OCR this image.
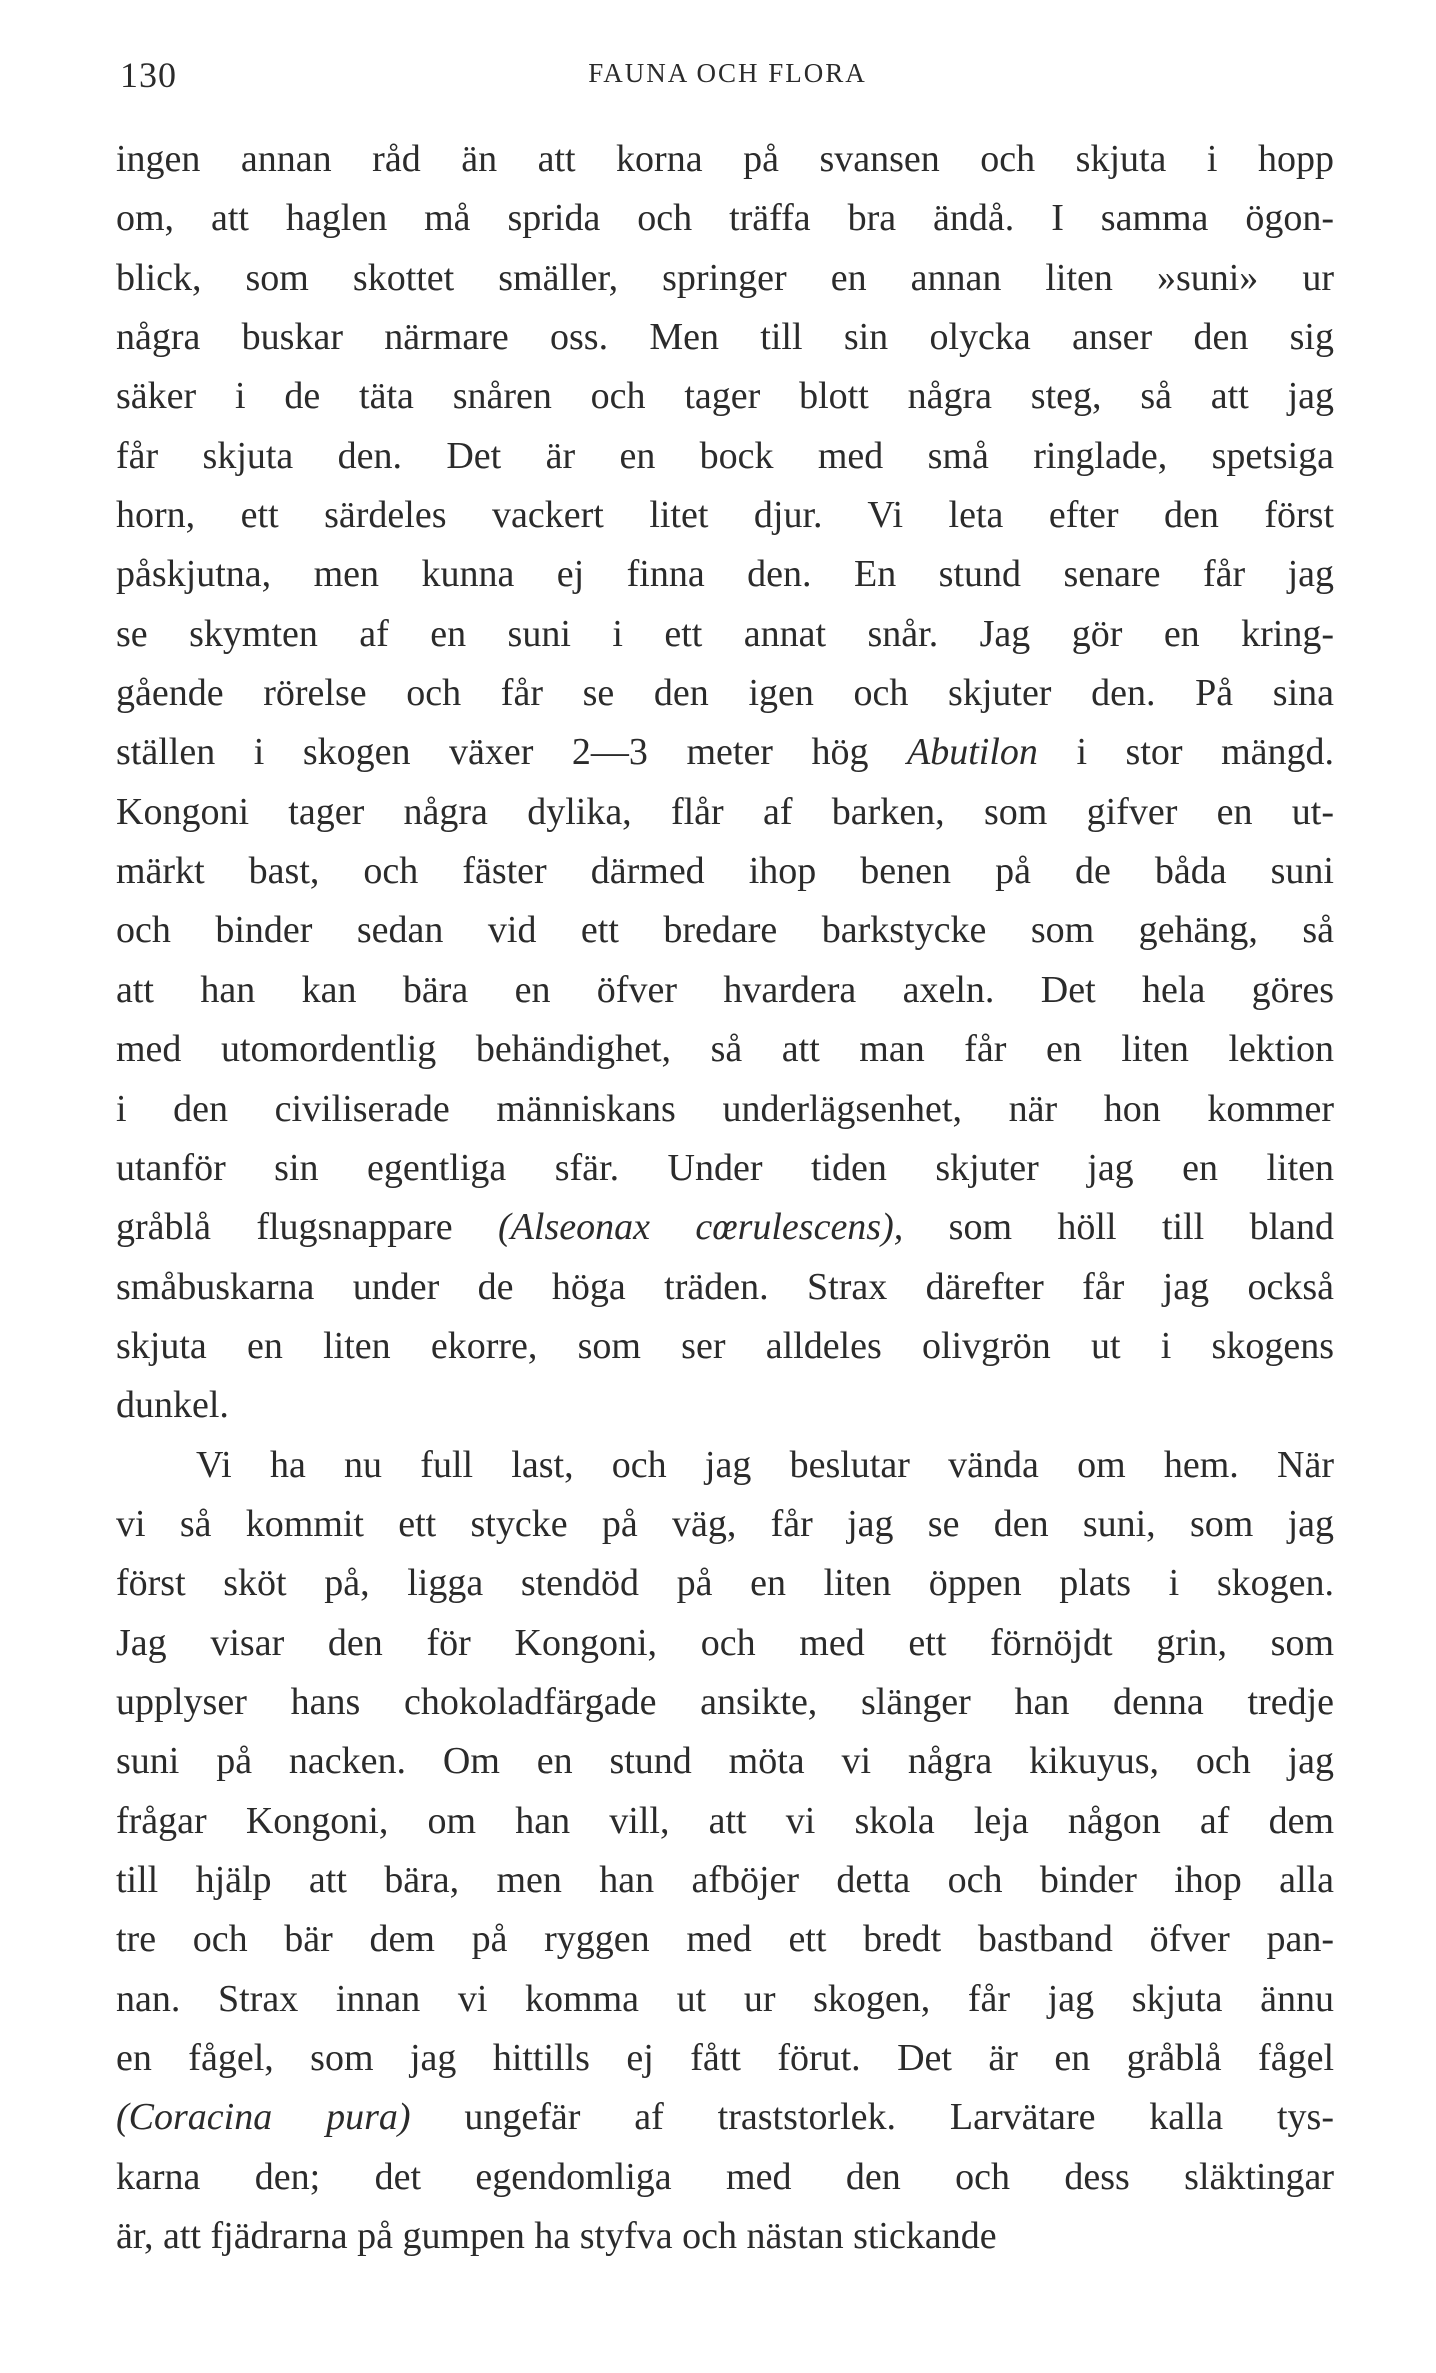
130	FAUNA OCH FLORA
ingen annan råd än att korna på svansen och skjuta i hopp
om, att haglen må sprida och träffa bra ändå. I samma ögon-
blick, som skottet smäller, springer en annan liten »suni» ur
några buskar närmare oss. Men till sin olycka anser den sig
säker i de täta snåren och tager blott några steg, så att jag
får skjuta den. Det är en bock med små ringlade, spetsiga
horn, ett särdeles vackert litet djur. Vi leta efter den först
påskjutna, men kunna ej finna den. En stund senare får jag
se skymten af en suni i ett annat snår. Jag gör en kring-
gående rörelse och får se den igen och skjuter den. På sina
ställen i skogen växer 2—3 meter hög Abutilon i stor mängd.
Kongoni tager några dylika, flår af barken, som gifver en ut-
märkt bast, och fäster därmed ihop benen på de båda suni
och binder sedan vid ett bredare barkstycke som gehäng, så
att han kan bära en öfver hvardera axeln. Det hela göres
med utomordentlig behändighet, så att man får en liten lektion
i den civiliserade människans underlägsenhet, när hon kommer
utanför sin egentliga sfär. Under tiden skjuter jag en liten
gråblå flugsnappare (Alseonax cœrulescens), som höll till bland
småbuskarna under de höga träden. Strax därefter får jag också
skjuta en liten ekorre, som ser alldeles olivgrön ut i skogens
dunkel.
Vi ha nu full last, och jag beslutar vända om hem. När
vi så kommit ett stycke på väg, får jag se den suni, som jag
först sköt på, ligga stendöd på en liten öppen plats i skogen.
Jag visar den för Kongoni, och med ett förnöjdt grin, som
upplyser hans chokoladfärgade ansikte, slänger han denna tredje
suni på nacken. Om en stund möta vi några kikuyus, och jag
frågar Kongoni, om han vill, att vi skola leja någon af dem
till hjälp att bära, men han afböjer detta och binder ihop alla
tre och bär dem på ryggen med ett bredt bastband öfver pan-
nan. Strax innan vi komma ut ur skogen, får jag skjuta ännu
en fågel, som jag hittills ej fått förut. Det är en gråblå fågel
(Coracina pura) ungefär af traststorlek. Larvätare kalla tys-
karna den; det egendomliga med den och dess släktingar
är, att fjädrarna på gumpen ha styfva och nästan stickande
